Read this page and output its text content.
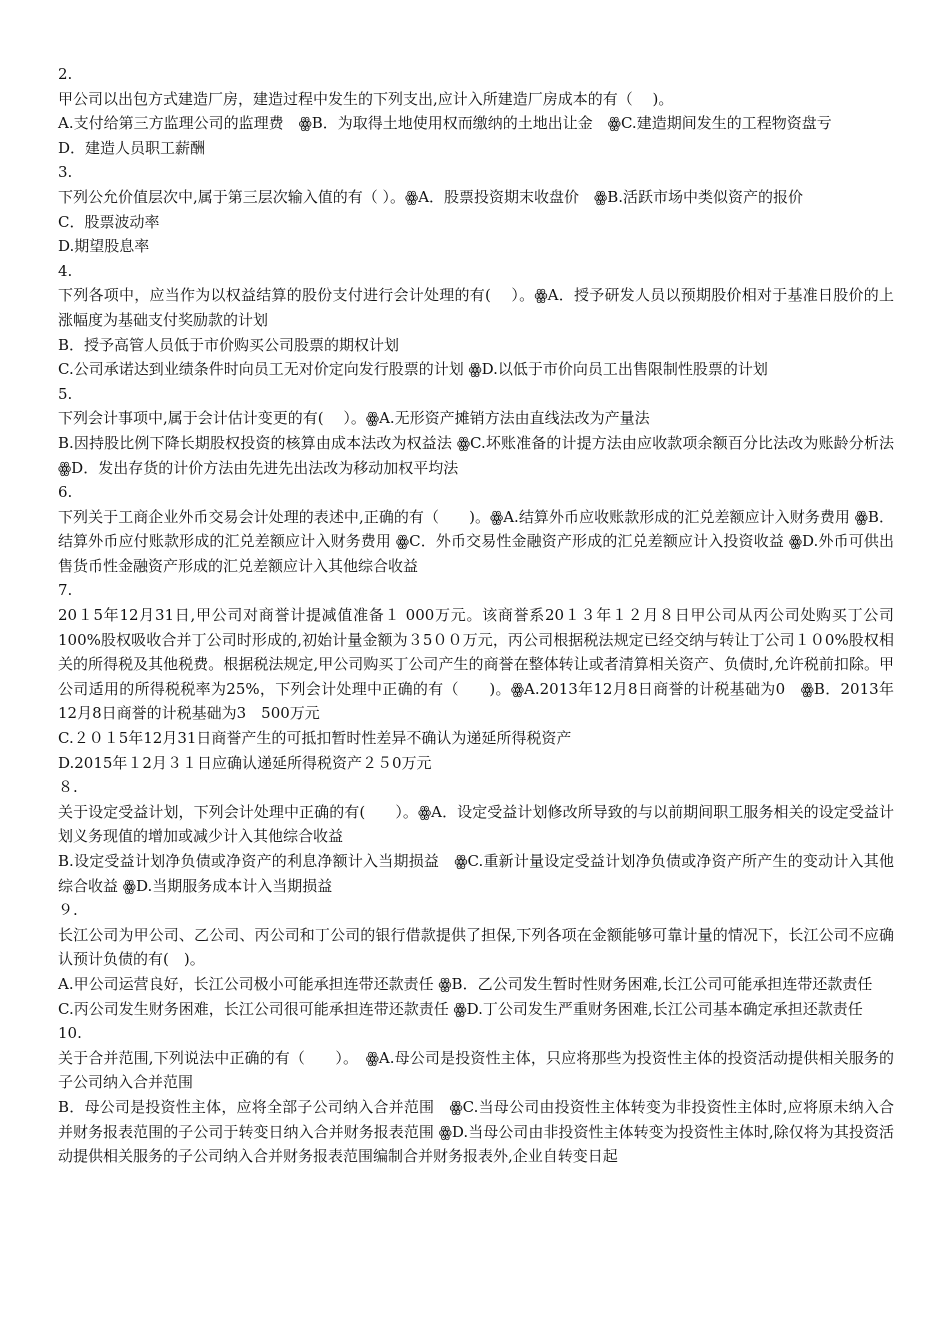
2.

甲公司以出包方式建造厂房，建造过程中发生的下列支出,应计入所建造厂房成本的有（　 )。

A.支付给第三方监理公司的监理费　ꙮB．为取得土地使用权而缴纳的土地出让金　ꙮC.建造期间发生的工程物资盘亏

D．建造人员职工薪酬

3.

下列公允价值层次中,属于第三层次输入值的有（ ）。ꙮA．股票投资期末收盘价　ꙮB.活跃市场中类似资产的报价

C．股票波动率

D.期望股息率

4.

下列各项中，应当作为以权益结算的股份支付进行会计处理的有(　 ）。ꙮA．授予研发人员以预期股价相对于基准日股价的上涨幅度为基础支付奖励款的计划

B．授予高管人员低于市价购买公司股票的期权计划

C.公司承诺达到业绩条件时向员工无对价定向发行股票的计划 ꙮD.以低于市价向员工出售限制性股票的计划

5.

下列会计事项中,属于会计估计变更的有(　 ）。ꙮA.无形资产摊销方法由直线法改为产量法

B.因持股比例下降长期股权投资的核算由成本法改为权益法 ꙮC.坏账准备的计提方法由应收款项余额百分比法改为账龄分析法 ꙮD．发出存货的计价方法由先进先出法改为移动加权平均法

6.

下列关于工商企业外币交易会计处理的表述中,正确的有（　　)。ꙮA.结算外币应收账款形成的汇兑差额应计入财务费用 ꙮB．结算外币应付账款形成的汇兑差额应计入财务费用 ꙮC．外币交易性金融资产形成的汇兑差额应计入投资收益 ꙮD.外币可供出售货币性金融资产形成的汇兑差额应计入其他综合收益

7.

20１5年12月31日,甲公司对商誉计提减值准备１ 000万元。该商誉系20１３年１２月８日甲公司从丙公司处购买丁公司100%股权吸收合并丁公司时形成的,初始计量金额为３5００万元，丙公司根据税法规定已经交纳与转让丁公司１０0%股权相关的所得税及其他税费。根据税法规定,甲公司购买丁公司产生的商誉在整体转让或者清算相关资产、负债时,允许税前扣除。甲公司适用的所得税税率为25%，下列会计处理中正确的有（　　)。ꙮA.2013年12月8日商誉的计税基础为0　ꙮB．2013年12月8日商誉的计税基础为3　500万元

C.２０１5年12月31日商誉产生的可抵扣暂时性差异不确认为递延所得税资产

D.2015年１2月３１日应确认递延所得税资产２５0万元

８.

关于设定受益计划，下列会计处理中正确的有(　　）。ꙮA．设定受益计划修改所导致的与以前期间职工服务相关的设定受益计划义务现值的增加或减少计入其他综合收益

B.设定受益计划净负债或净资产的利息净额计入当期损益　ꙮC.重新计量设定受益计划净负债或净资产所产生的变动计入其他综合收益 ꙮD.当期服务成本计入当期损益

９.

长江公司为甲公司、乙公司、丙公司和丁公司的银行借款提供了担保,下列各项在金额能够可靠计量的情况下，长江公司不应确认预计负债的有(　)。

A.甲公司运营良好，长江公司极小可能承担连带还款责任 ꙮB．乙公司发生暂时性财务困难,长江公司可能承担连带还款责任

C.丙公司发生财务困难，长江公司很可能承担连带还款责任 ꙮD.丁公司发生严重财务困难,长江公司基本确定承担还款责任

10.

关于合并范围,下列说法中正确的有（　　）。　ꙮA.母公司是投资性主体，只应将那些为投资性主体的投资活动提供相关服务的子公司纳入合并范围

B．母公司是投资性主体，应将全部子公司纳入合并范围　ꙮC.当母公司由投资性主体转变为非投资性主体时,应将原未纳入合并财务报表范围的子公司于转变日纳入合并财务报表范围 ꙮD.当母公司由非投资性主体转变为投资性主体时,除仅将为其投资活动提供相关服务的子公司纳入合并财务报表范围编制合并财务报表外,企业自转变日起
